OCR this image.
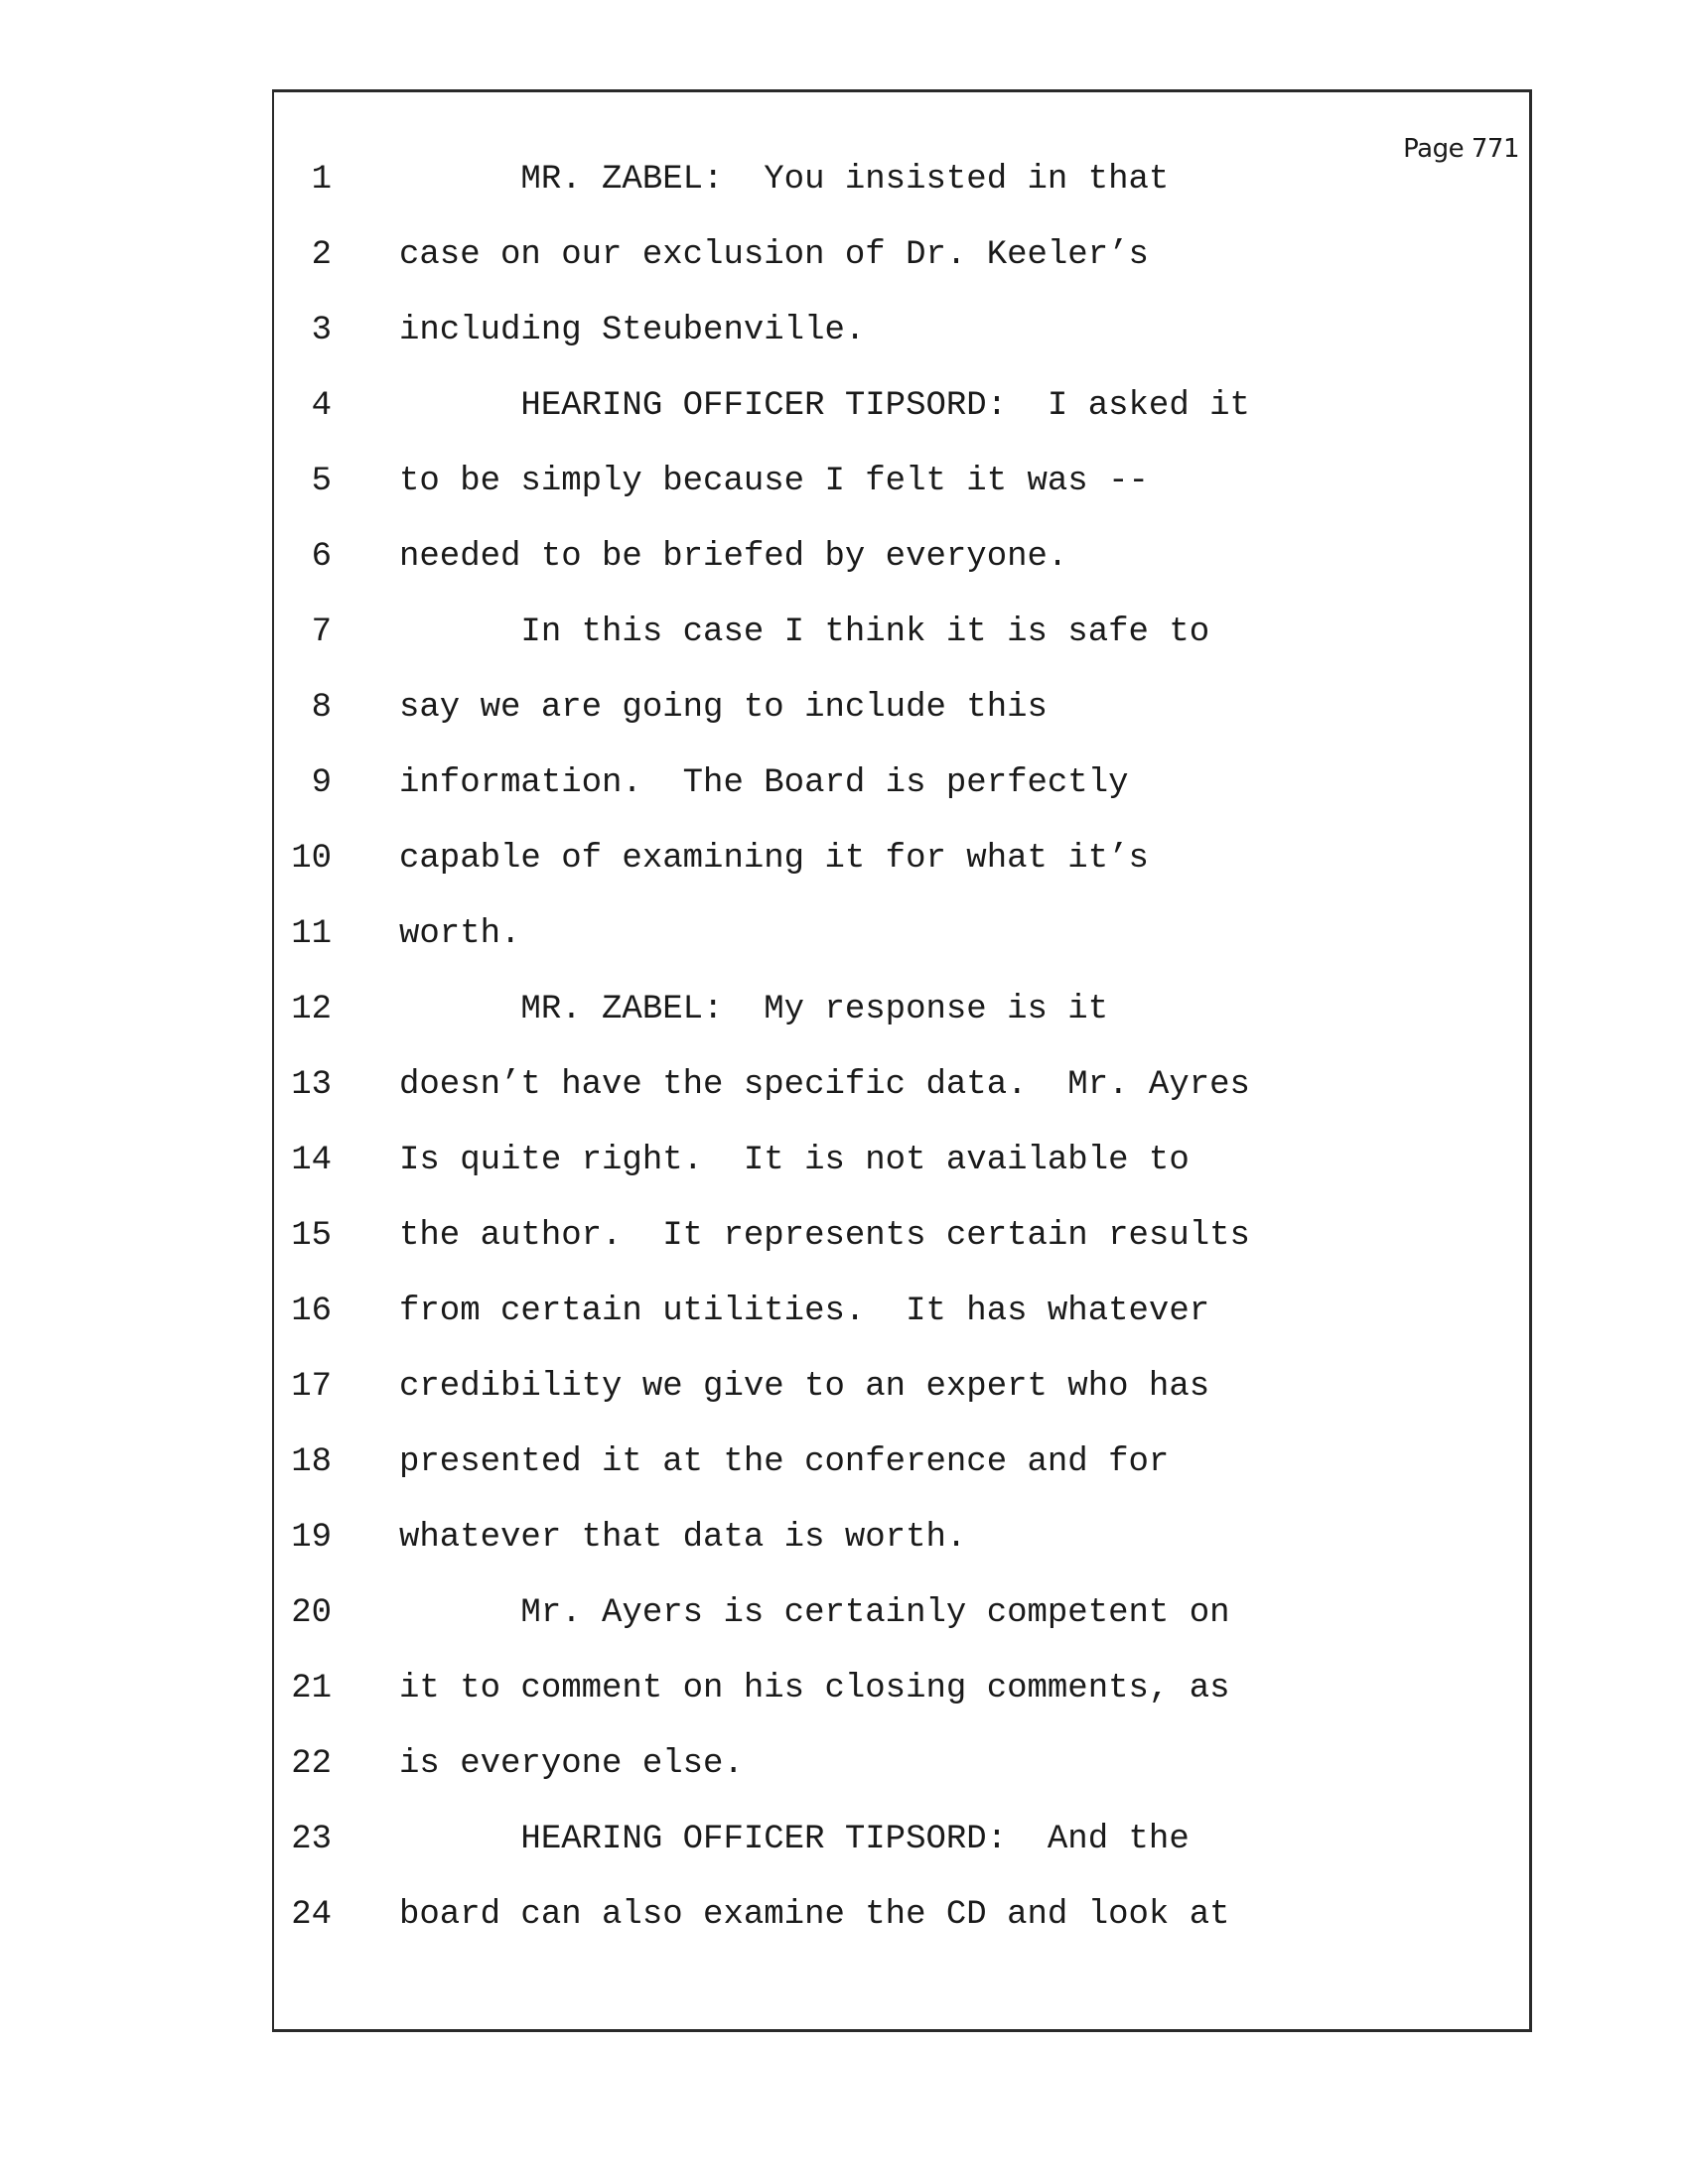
Page 771
1 MR. ZABEL:  You insisted in that
2 case on our exclusion of Dr. Keeler’s
3 including Steubenville.
4 HEARING OFFICER TIPSORD:  I asked it
5 to be simply because I felt it was --
6 needed to be briefed by everyone.
7 In this case I think it is safe to
8 say we are going to include this
9 information.  The Board is perfectly
10 capable of examining it for what it’s
11 worth.
12 MR. ZABEL:  My response is it
13 doesn’t have the specific data.  Mr. Ayres
14 Is quite right.  It is not available to
15 the author.  It represents certain results
16 from certain utilities.  It has whatever
17 credibility we give to an expert who has
18 presented it at the conference and for
19 whatever that data is worth.
20 Mr. Ayers is certainly competent on
21 it to comment on his closing comments, as
22 is everyone else.
23 HEARING OFFICER TIPSORD:  And the
24 board can also examine the CD and look at
